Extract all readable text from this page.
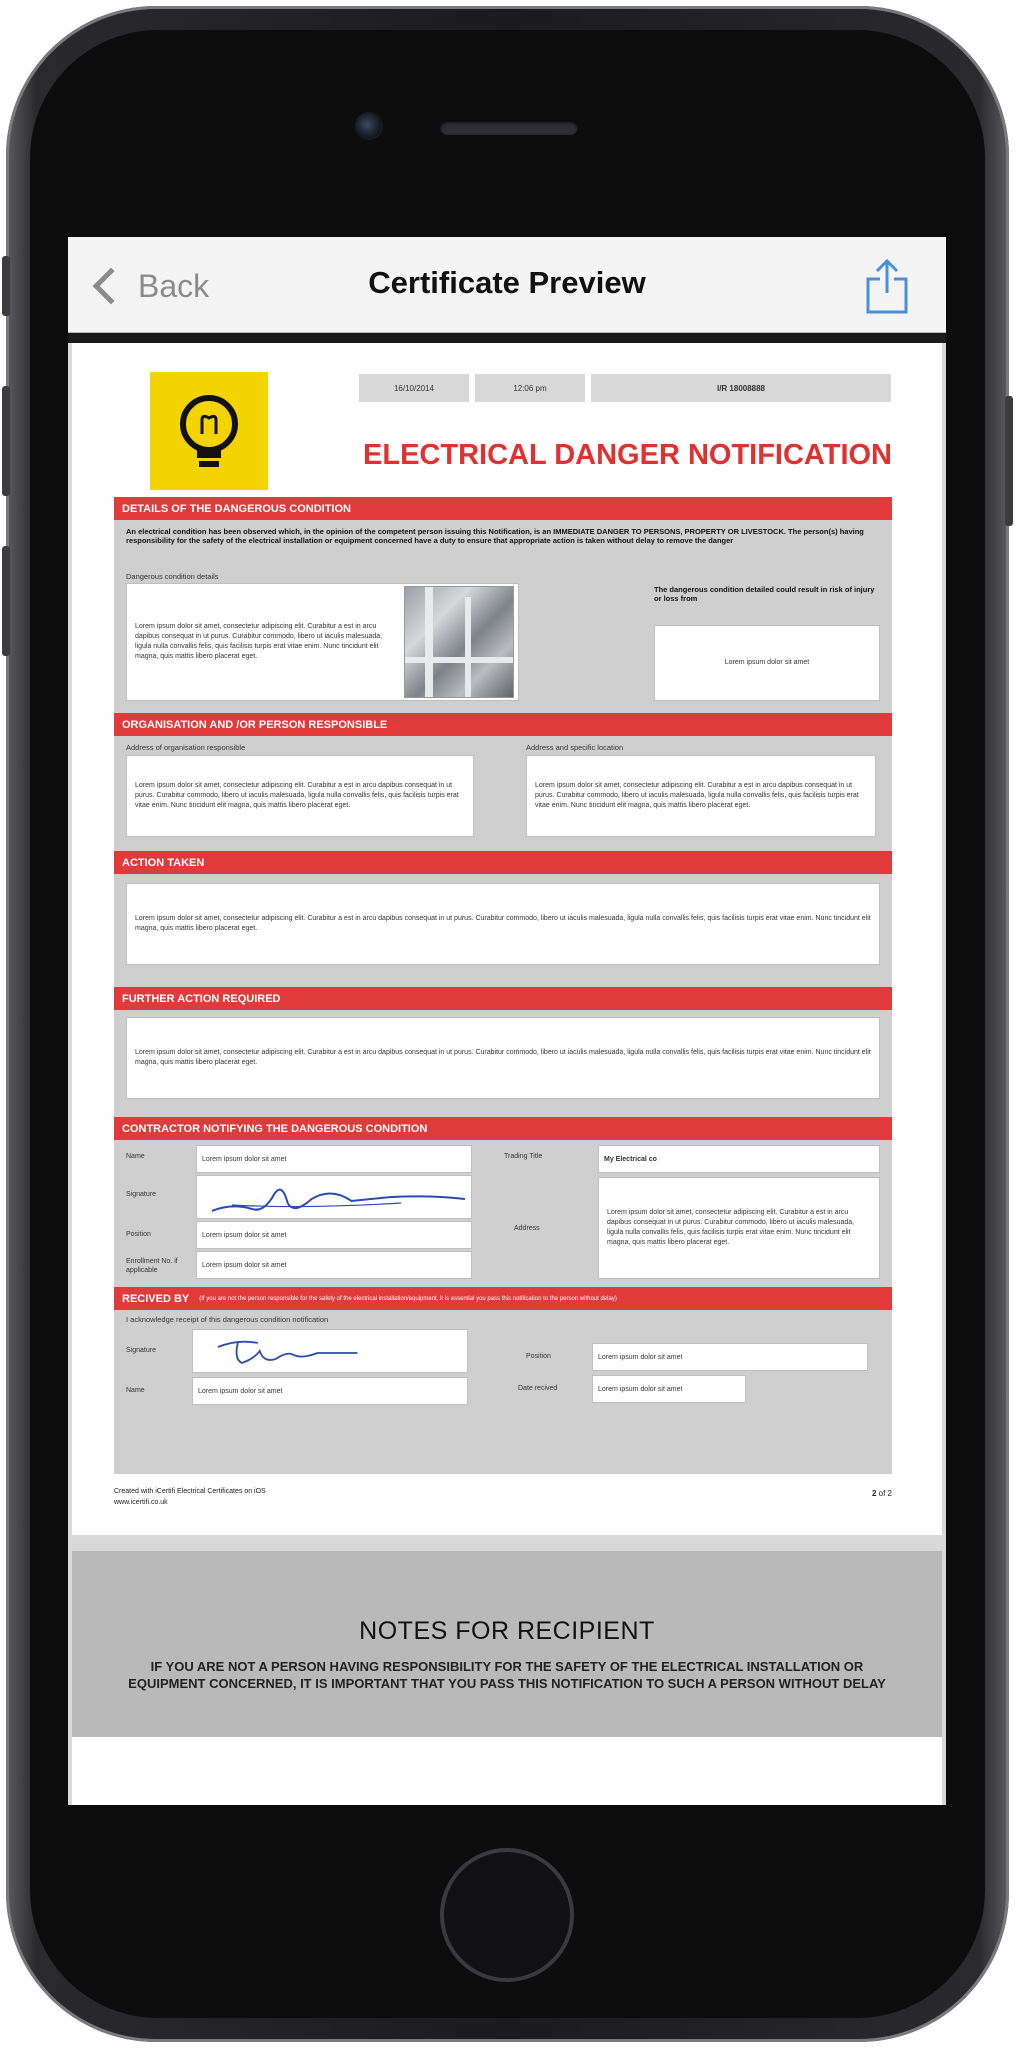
Back	Certificate Preview
16/10/2014	12:06 pm	I/R 18008888
ELECTRICAL DANGER NOTIFICATION
DETAILS OF THE DANGEROUS CONDITION
An electrical condition has been observed which, in the opinion of the competent person issuing this Notification, is an IMMEDIATE DANGER TO PERSONS, PROPERTY OR LIVESTOCK. The person(s) having responsibility for the safety of the electrical installation or equipment concerned have a duty to ensure that appropriate action is taken without delay to remove the danger
Dangerous condition details
Lorem ipsum dolor sit amet, consectetur adipiscing elit. Curabitur a est in arcu dapibus consequat in ut purus. Curabitur commodo, libero ut iaculis malesuada, ligula nulla convallis felis, quis facilisis turpis erat vitae enim. Nunc tincidunt elit magna, quis mattis libero placerat eget.
The dangerous condition detailed could result in risk of injury or loss from
Lorem ipsum dolor sit amet
ORGANISATION AND /OR PERSON RESPONSIBLE
Address of organisation responsible
Lorem ipsum dolor sit amet, consectetur adipiscing elit. Curabitur a est in arcu dapibus consequat in ut purus. Curabitur commodo, libero ut iaculis malesuada, ligula nulla convallis felis, quis facilisis turpis erat vitae enim. Nunc tincidunt elit magna, quis mattis libero placerat eget.
Address and specific location
Lorem ipsum dolor sit amet, consectetur adipiscing elit. Curabitur a est in arcu dapibus consequat in ut purus. Curabitur commodo, libero ut iaculis malesuada, ligula nulla convallis felis, quis facilisis turpis erat vitae enim. Nunc tincidunt elit magna, quis mattis libero placerat eget.
ACTION TAKEN
Lorem ipsum dolor sit amet, consectetur adipiscing elit. Curabitur a est in arcu dapibus consequat in ut purus. Curabitur commodo, libero ut iaculis malesuada, ligula nulla convallis felis, quis facilisis turpis erat vitae enim. Nunc tincidunt elit magna, quis mattis libero placerat eget.
FURTHER ACTION REQUIRED
Lorem ipsum dolor sit amet, consectetur adipiscing elit. Curabitur a est in arcu dapibus consequat in ut purus. Curabitur commodo, libero ut iaculis malesuada, ligula nulla convallis felis, quis facilisis turpis erat vitae enim. Nunc tincidunt elit magna, quis mattis libero placerat eget.
CONTRACTOR NOTIFYING THE DANGEROUS CONDITION
Name	Lorem ipsum dolor sit amet
Signature
Position	Lorem ipsum dolor sit amet
Enrollment No. if applicable
Lorem ipsum dolor sit amet
Trading Title	My Electrical co
Address
Lorem ipsum dolor sit amet, consectetur adipiscing elit. Curabitur a est in arcu dapibus consequat in ut purus. Curabitur commodo, libero ut iaculis malesuada, ligula nulla convallis felis, quis facilisis turpis erat vitae enim. Nunc tincidunt elit magna, quis mattis libero placerat eget.
RECIVED BY (If you are not the person responsible for the safety of the electrical installation/equipment, it is essential you pass this notification to the person without delay)
I acknowledge receipt of this dangerous condition notification
Signature
Name	Lorem ipsum dolor sit amet
Position	Lorem ipsum dolor sit amet
Date recived	Lorem ipsum dolor sit amet
Created with iCertifi Electrical Certificates on iOS
www.icertifi.co.uk
2 of 2
NOTES FOR RECIPIENT
IF YOU ARE NOT A PERSON HAVING RESPONSIBILITY FOR THE SAFETY OF THE ELECTRICAL INSTALLATION OR EQUIPMENT CONCERNED, IT IS IMPORTANT THAT YOU PASS THIS NOTIFICATION TO SUCH A PERSON WITHOUT DELAY
